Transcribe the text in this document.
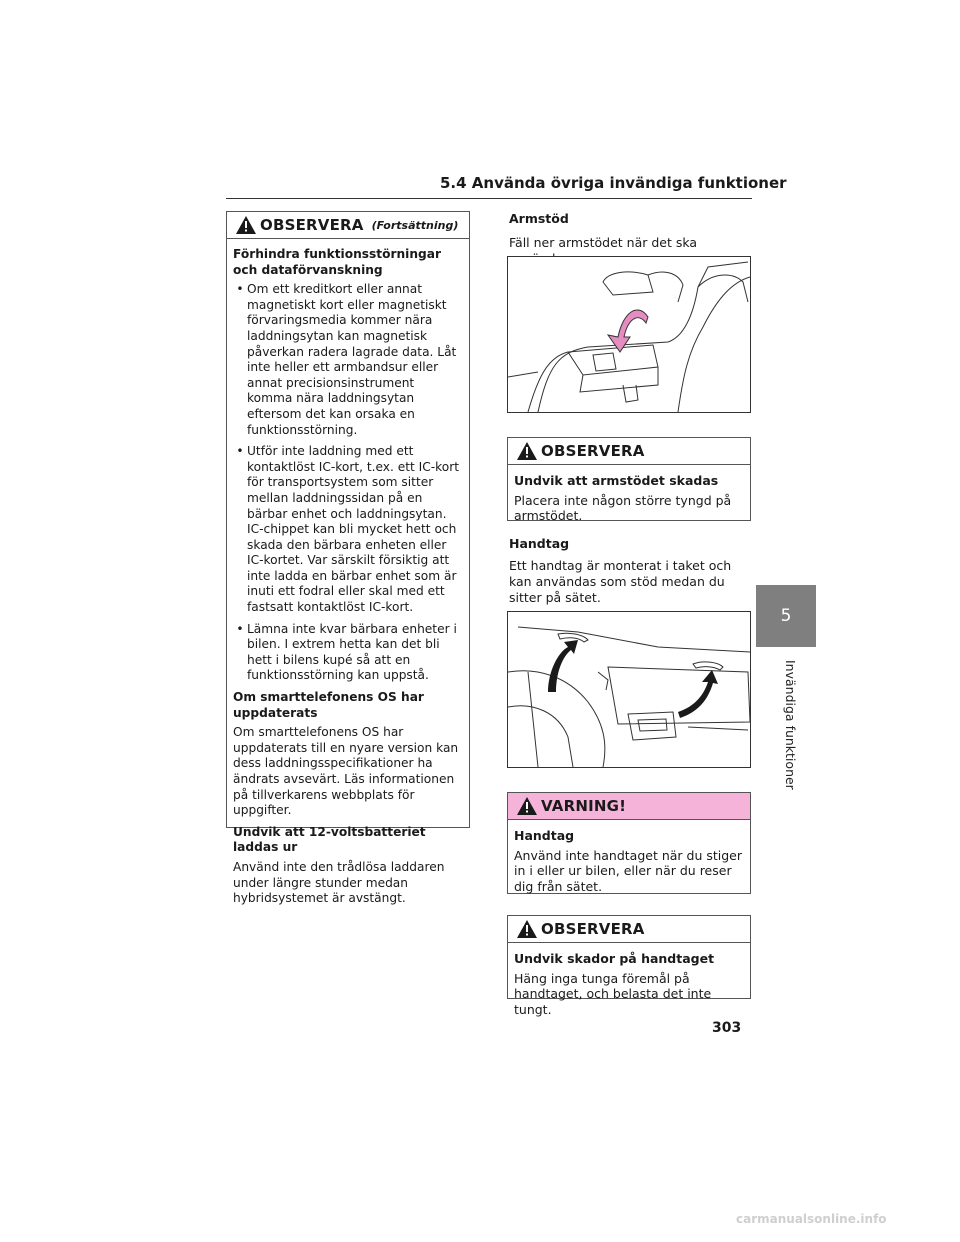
5.4 Använda övriga invändiga funktioner
OBSERVERA (Fortsättning)
Förhindra funktionsstörningar och dataförvanskning
• Om ett kreditkort eller annat magnetiskt kort eller magnetiskt förvaringsmedia kommer nära laddningsytan kan magnetisk påverkan radera lagrade data. Låt inte heller ett armbandsur eller annat precisionsinstrument komma nära laddningsytan eftersom det kan orsaka en funktionsstörning.
• Utför inte laddning med ett kontaktlöst IC-kort, t.ex. ett IC-kort för transportsystem som sitter mellan laddningssidan på en bärbar enhet och laddningsytan. IC-chippet kan bli mycket hett och skada den bärbara enheten eller IC-kortet. Var särskilt försiktig att inte ladda en bärbar enhet som är inuti ett fodral eller skal med ett fastsatt kontaktlöst IC-kort.
• Lämna inte kvar bärbara enheter i bilen. I extrem hetta kan det bli hett i bilens kupé så att en funktionsstörning kan uppstå.
Om smarttelefonens OS har uppdaterats

Om smarttelefonens OS har uppdaterats till en nyare version kan dess laddningsspecifikationer ha ändrats avsevärt. Läs informationen på tillverkarens webbplats för uppgifter.

Undvik att 12-voltsbatteriet laddas ur

Använd inte den trådlösa laddaren under längre stunder medan hybridsystemet är avstängt.

Armstöd
Fäll ner armstödet när det ska
OBSERVERA
Undvik att armstödet skadas

Placera inte någon större tyngd på armstödet.

Handtag
Ett handtag är monterat i taket och kan användas som stöd medan du sitter på sätet.
VARNING!
Handtag

Använd inte handtaget när du stiger in i eller ur bilen, eller när du reser dig från sätet.

OBSERVERA
Undvik skador på handtaget

Häng inga tunga föremål på handtaget, och belasta det inte tungt.

303
5
Invändiga funktioner
carmanualsonline.info
